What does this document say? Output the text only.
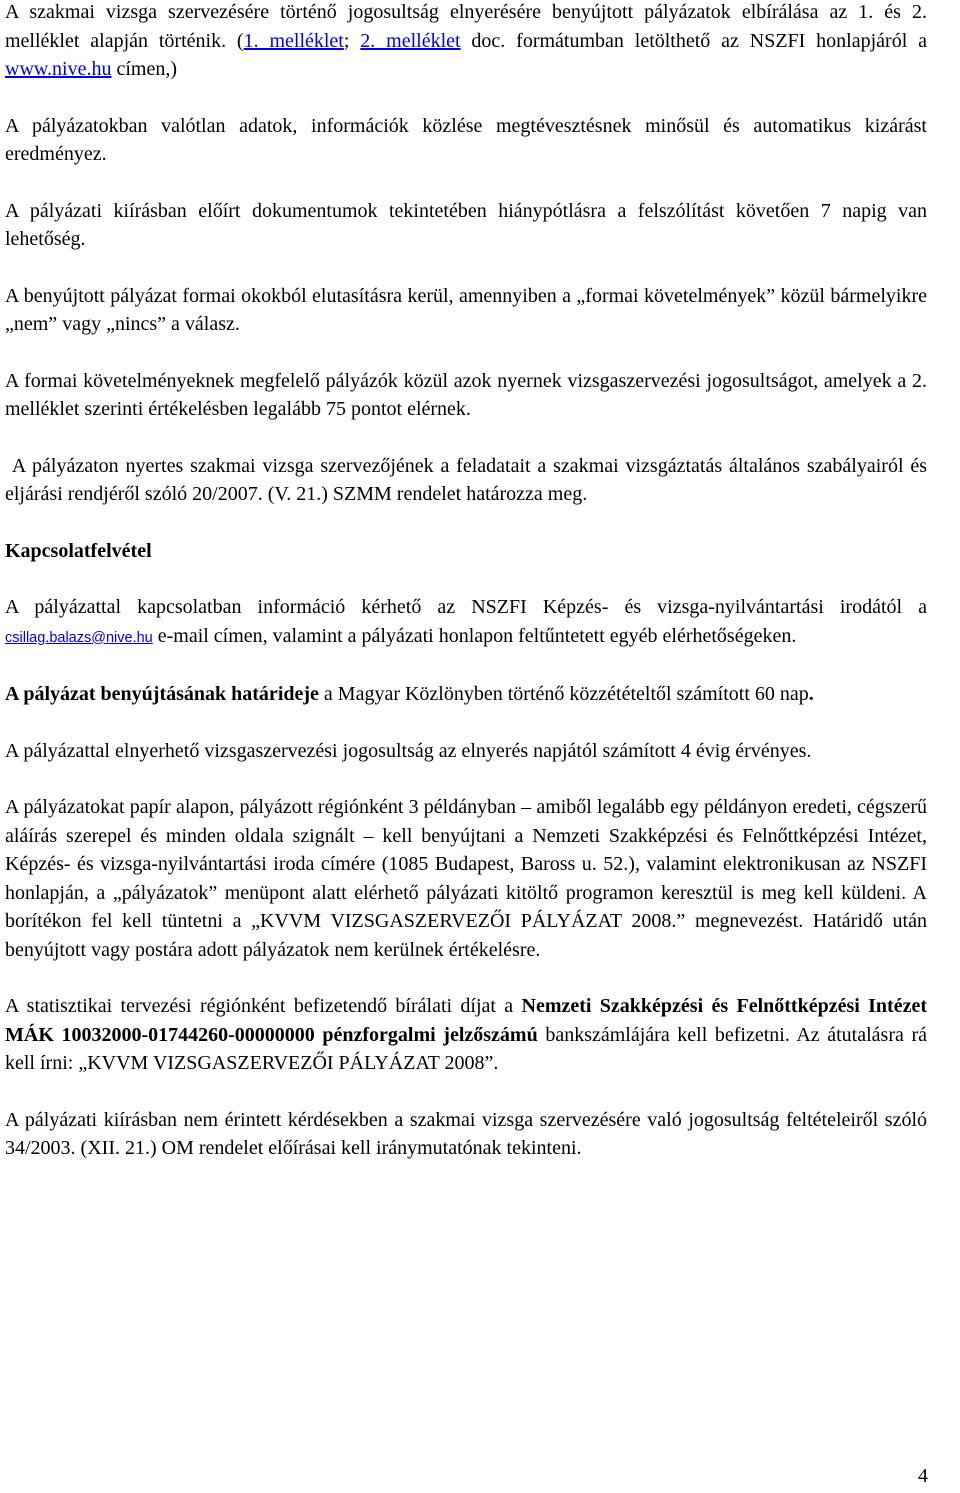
A szakmai vizsga szervezésére történő jogosultság elnyerésére benyújtott pályázatok elbírálása az 1. és 2. melléklet alapján történik. (1. melléklet; 2. melléklet doc. formátumban letölthető az NSZFI honlapjáról a www.nive.hu címen,)

A pályázatokban valótlan adatok, információk közlése megtévesztésnek minősül és automatikus kizárást eredményez.

A pályázati kiírásban előírt dokumentumok tekintetében hiánypótlásra a felszólítást követően 7 napig van lehetőség.

A benyújtott pályázat formai okokból elutasításra kerül, amennyiben a „formai követelmények” közül bármelyikre „nem” vagy „nincs” a válasz.

A formai követelményeknek megfelelő pályázók közül azok nyernek vizsgaszervezési jogosultságot, amelyek a 2. melléklet szerinti értékelésben legalább 75 pontot elérnek.

A pályázaton nyertes szakmai vizsga szervezőjének a feladatait a szakmai vizsgáztatás általános szabályairól és eljárási rendjéről szóló 20/2007. (V. 21.) SZMM rendelet határozza meg.

Kapcsolatfelvétel

A pályázattal kapcsolatban információ kérhető az NSZFI Képzés- és vizsga-nyilvántartási irodától a csillag.balazs@nive.hu e-mail címen, valamint a pályázati honlapon feltűntetett egyéb elérhetőségeken.

A pályázat benyújtásának határideje a Magyar Közlönyben történő közzétételtől számított 60 nap.

A pályázattal elnyerhető vizsgaszervezési jogosultság az elnyerés napjától számított 4 évig érvényes.

A pályázatokat papír alapon, pályázott régiónként 3 példányban – amiből legalább egy példányon eredeti, cégszerű aláírás szerepel és minden oldala szignált – kell benyújtani a Nemzeti Szakképzési és Felnőttképzési Intézet, Képzés- és vizsga-nyilvántartási iroda címére (1085 Budapest, Baross u. 52.), valamint elektronikusan az NSZFI honlapján, a „pályázatok” menüpont alatt elérhető pályázati kitöltő programon keresztül is meg kell küldeni. A borítékon fel kell tüntetni a „KVVM VIZSGASZERVEZŐI PÁLYÁZAT 2008.” megnevezést. Határidő után benyújtott vagy postára adott pályázatok nem kerülnek értékelésre.

A statisztikai tervezési régiónként befizetendő bírálati díjat a Nemzeti Szakképzési és Felnőttképzési Intézet MÁK 10032000-01744260-00000000 pénzforgalmi jelzőszámú bankszámlájára kell befizetni. Az átutalásra rá kell írni: „KVVM VIZSGASZERVEZŐI PÁLYÁZAT 2008”.

A pályázati kiírásban nem érintett kérdésekben a szakmai vizsga szervezésére való jogosultság feltételeiről szóló 34/2003. (XII. 21.) OM rendelet előírásai kell iránymutatónak tekinteni.

4
